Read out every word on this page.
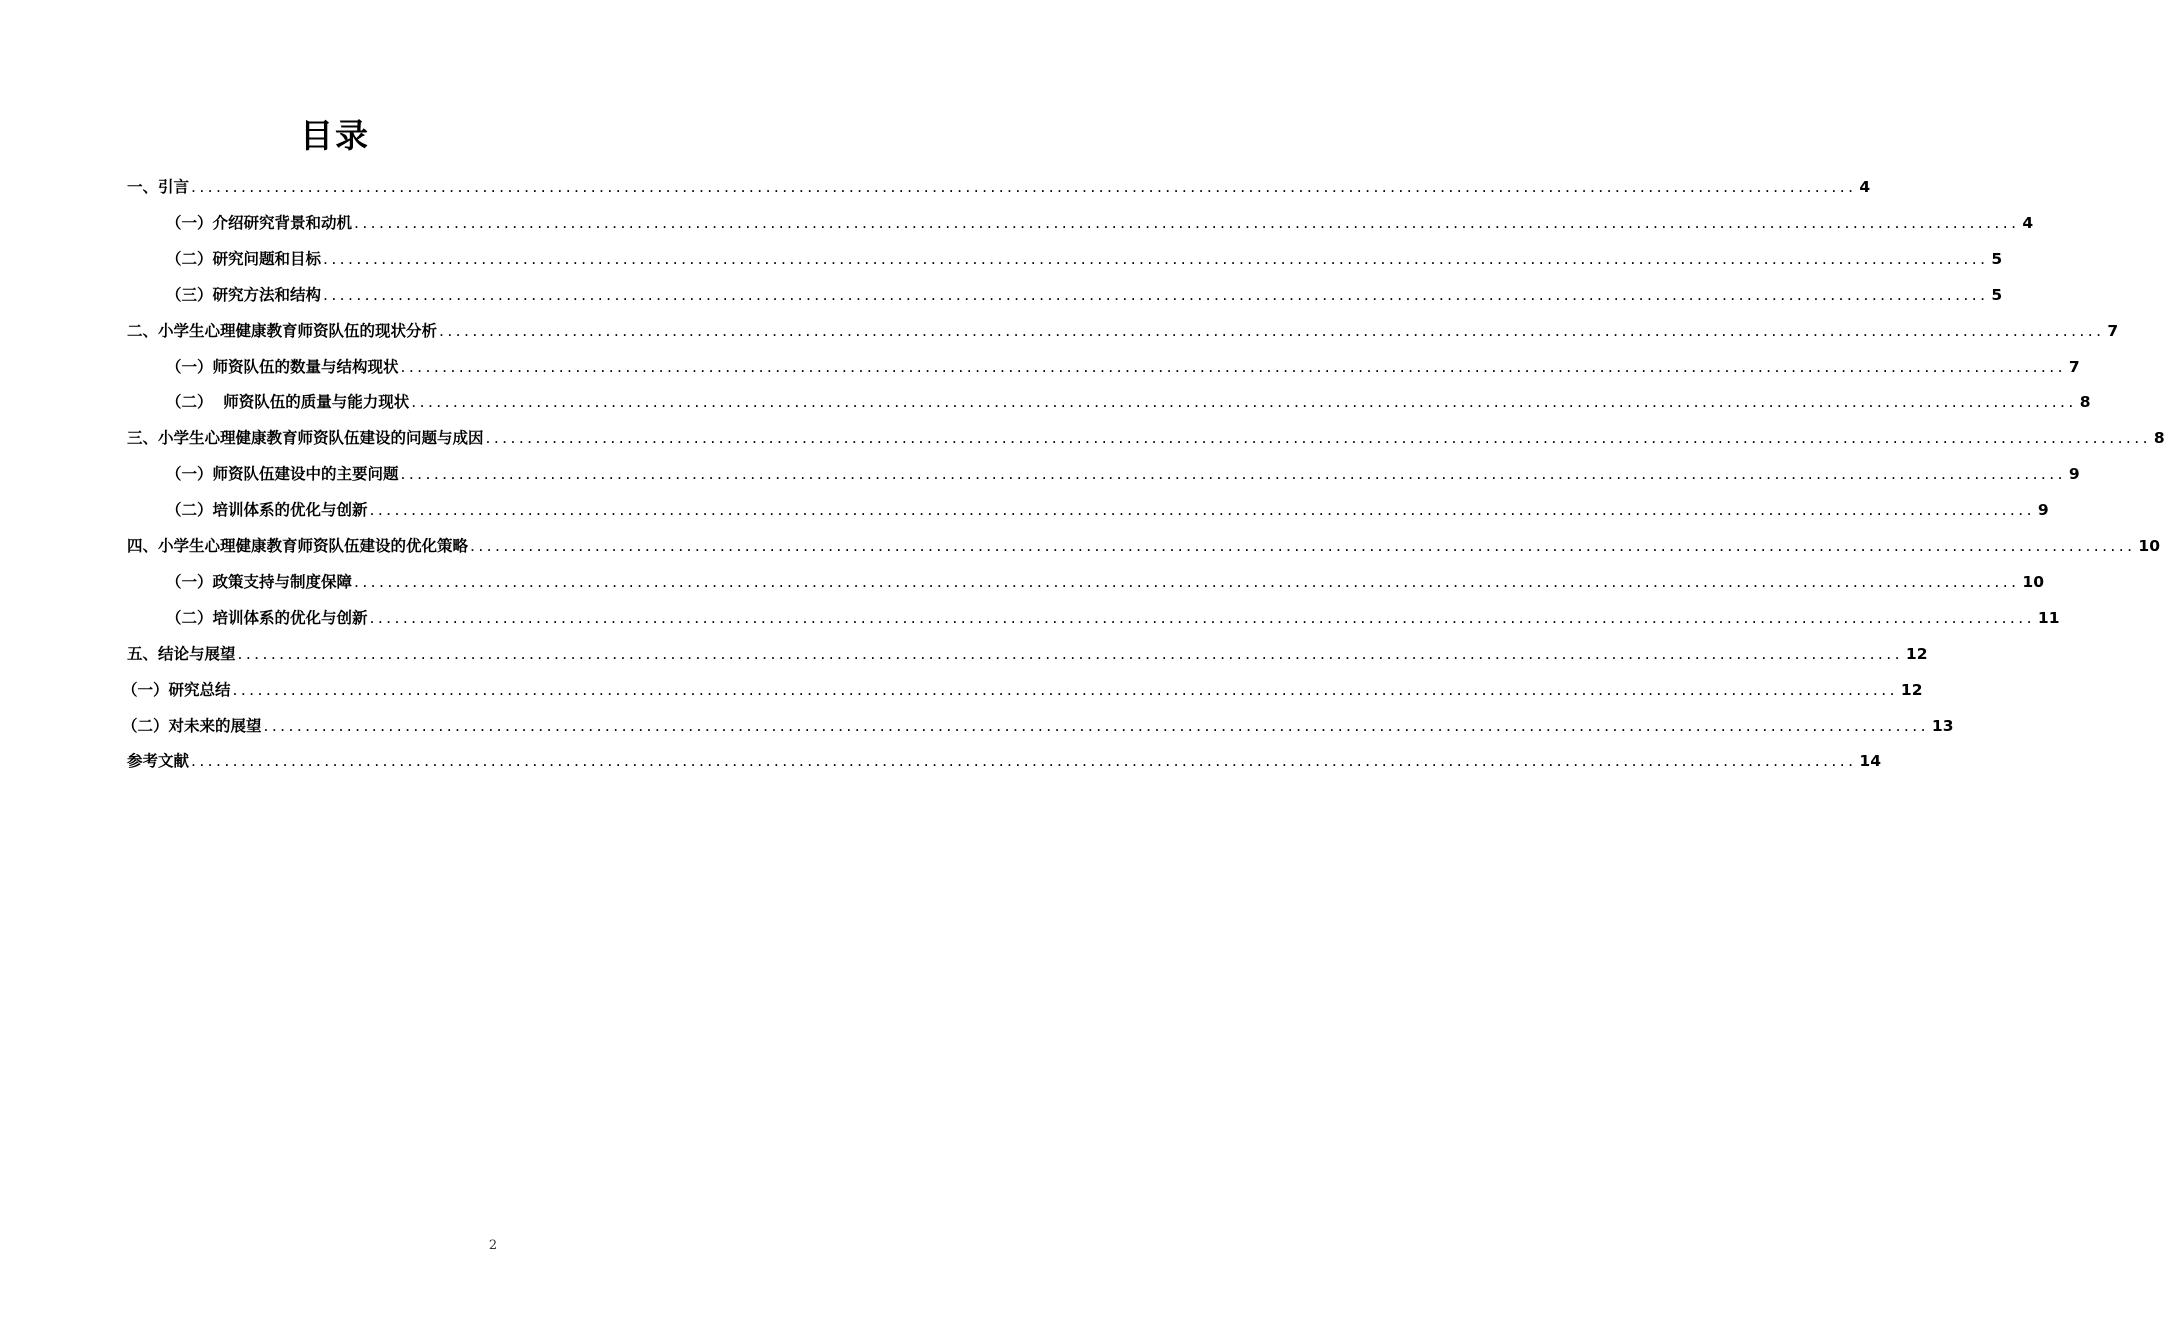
目录
一、引言 ........................................................................................................................................................................................................ 4
（一）介绍研究背景和动机 ........................................................................................................................................................................................................ 4
（二）研究问题和目标 ........................................................................................................................................................................................................ 5
（三）研究方法和结构 ........................................................................................................................................................................................................ 5
二、小学生心理健康教育师资队伍的现状分析 ........................................................................................................................................................................................................ 7
（一）师资队伍的数量与结构现状 ........................................................................................................................................................................................................ 7
（二）  师资队伍的质量与能力现状 ........................................................................................................................................................................................................ 8
三、小学生心理健康教育师资队伍建设的问题与成因 ........................................................................................................................................................................................................ 8
（一）师资队伍建设中的主要问题 ........................................................................................................................................................................................................ 9
（二）培训体系的优化与创新 ........................................................................................................................................................................................................ 9
四、小学生心理健康教育师资队伍建设的优化策略 ........................................................................................................................................................................................................ 10
（一）政策支持与制度保障 ........................................................................................................................................................................................................ 10
（二）培训体系的优化与创新 ........................................................................................................................................................................................................ 11
五、结论与展望 ........................................................................................................................................................................................................ 12
（一）研究总结 ........................................................................................................................................................................................................ 12
（二）对未来的展望 ........................................................................................................................................................................................................ 13
参考文献 ........................................................................................................................................................................................................ 14
2
